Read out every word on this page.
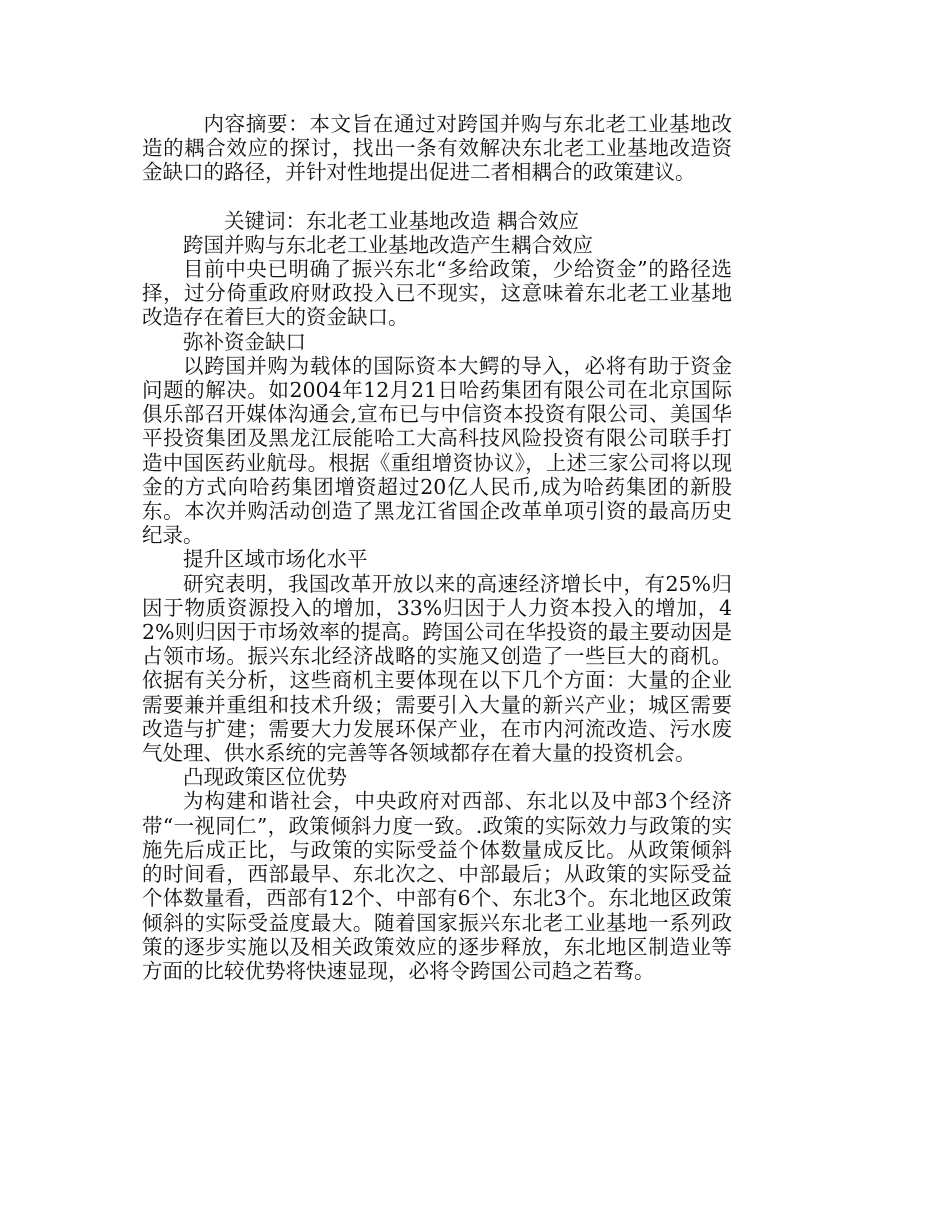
内容摘要：本文旨在通过对跨国并购与东北老工业基地改造的耦合效应的探讨，找出一条有效解决东北老工业基地改造资金缺口的路径，并针对性地提出促进二者相耦合的政策建议。

关键词：东北老工业基地改造 耦合效应

跨国并购与东北老工业基地改造产生耦合效应

目前中央已明确了振兴东北“多给政策，少给资金”的路径选择，过分倚重政府财政投入已不现实，这意味着东北老工业基地改造存在着巨大的资金缺口。

弥补资金缺口

以跨国并购为载体的国际资本大鳄的导入，必将有助于资金问题的解决。如2004年12月21日哈药集团有限公司在北京国际俱乐部召开媒体沟通会,宣布已与中信资本投资有限公司、美国华平投资集团及黑龙江辰能哈工大高科技风险投资有限公司联手打造中国医药业航母。根据《重组增资协议》，上述三家公司将以现金的方式向哈药集团增资超过20亿人民币,成为哈药集团的新股东。本次并购活动创造了黑龙江省国企改革单项引资的最高历史纪录。

提升区域市场化水平

研究表明，我国改革开放以来的高速经济增长中，有25%归因于物质资源投入的增加，33%归因于人力资本投入的增加，42%则归因于市场效率的提高。跨国公司在华投资的最主要动因是占领市场。振兴东北经济战略的实施又创造了一些巨大的商机。依据有关分析，这些商机主要体现在以下几个方面：大量的企业需要兼并重组和技术升级；需要引入大量的新兴产业；城区需要改造与扩建；需要大力发展环保产业，在市内河流改造、污水废气处理、供水系统的完善等各领域都存在着大量的投资机会。

凸现政策区位优势

为构建和谐社会，中央政府对西部、东北以及中部3个经济带“一视同仁”，政策倾斜力度一致。.政策的实际效力与政策的实施先后成正比，与政策的实际受益个体数量成反比。从政策倾斜的时间看，西部最早、东北次之、中部最后；从政策的实际受益个体数量看，西部有12个、中部有6个、东北3个。东北地区政策倾斜的实际受益度最大。随着国家振兴东北老工业基地一系列政策的逐步实施以及相关政策效应的逐步释放，东北地区制造业等方面的比较优势将快速显现，必将令跨国公司趋之若骛。
